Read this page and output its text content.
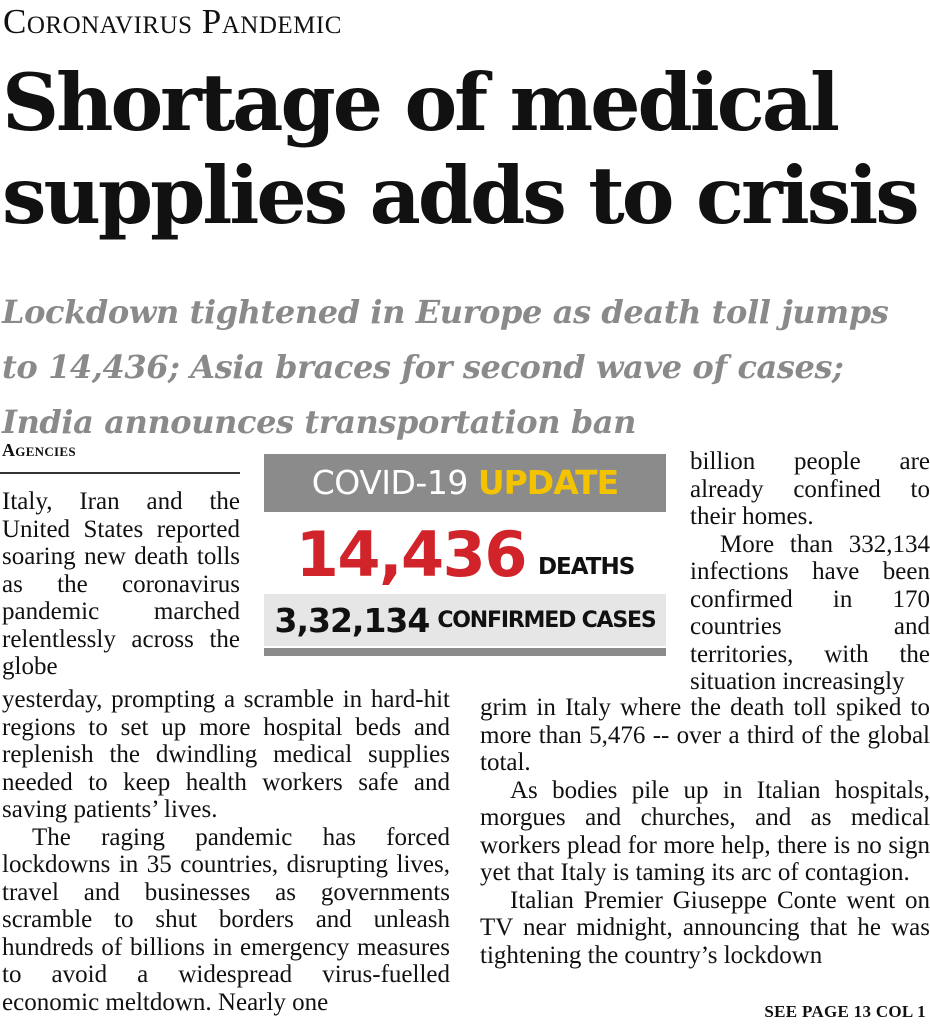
Coronavirus Pandemic
Shortage of medical
supplies adds to crisis
Lockdown tightened in Europe as death toll jumps
to 14,436; Asia braces for second wave of cases;
India announces transportation ban
Agencies

Italy, Iran and the United States reported soaring new death tolls as the coronavirus pandemic marched relentlessly across the globe

yesterday, prompting a scramble in hard-hit regions to set up more hospital beds and replenish the dwindling medical supplies needed to keep health workers safe and saving patients’ lives.

The raging pandemic has forced lockdowns in 35 countries, disrupting lives, travel and businesses as governments scramble to shut borders and unleash hundreds of billions in emergency measures to avoid a widespread virus-fuelled economic meltdown. Nearly one

COVID-19 UPDATE
14,436 DEATHS
3,32,134 CONFIRMED CASES

billion people are already confined to their homes.

More than 332,134 infections have been confirmed in 170 countries and territories, with the situation increasingly

grim in Italy where the death toll spiked to more than 5,476 -- over a third of the global total.

As bodies pile up in Italian hospitals, morgues and churches, and as medical workers plead for more help, there is no sign yet that Italy is taming its arc of contagion.

Italian Premier Giuseppe Conte went on TV near midnight, announcing that he was tightening the country’s lockdown

SEE PAGE 13 COL 1
